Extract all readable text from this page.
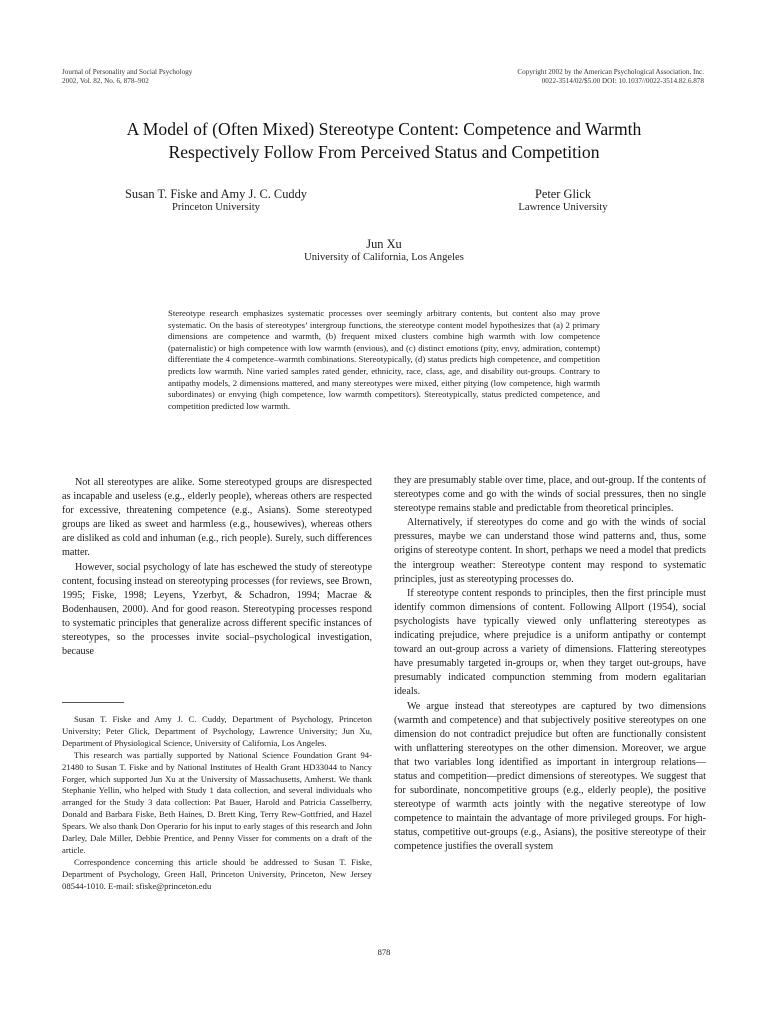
Journal of Personality and Social Psychology
2002, Vol. 82, No. 6, 878–902
Copyright 2002 by the American Psychological Association, Inc.
0022-3514/02/$5.00 DOI: 10.1037//0022-3514.82.6.878
A Model of (Often Mixed) Stereotype Content: Competence and Warmth
Respectively Follow From Perceived Status and Competition
Susan T. Fiske and Amy J. C. Cuddy
Princeton University
Peter Glick
Lawrence University
Jun Xu
University of California, Los Angeles
Stereotype research emphasizes systematic processes over seemingly arbitrary contents, but content also may prove systematic. On the basis of stereotypes’ intergroup functions, the stereotype content model hypothesizes that (a) 2 primary dimensions are competence and warmth, (b) frequent mixed clusters combine high warmth with low competence (paternalistic) or high competence with low warmth (envious), and (c) distinct emotions (pity, envy, admiration, contempt) differentiate the 4 competence–warmth combinations. Stereotypically, (d) status predicts high competence, and competition predicts low warmth. Nine varied samples rated gender, ethnicity, race, class, age, and disability out-groups. Contrary to antipathy models, 2 dimensions mattered, and many stereotypes were mixed, either pitying (low competence, high warmth subordinates) or envying (high competence, low warmth competitors). Stereotypically, status predicted competence, and competition predicted low warmth.

Not all stereotypes are alike. Some stereotyped groups are disrespected as incapable and useless (e.g., elderly people), whereas others are respected for excessive, threatening competence (e.g., Asians). Some stereotyped groups are liked as sweet and harmless (e.g., housewives), whereas others are disliked as cold and inhuman (e.g., rich people). Surely, such differences matter.

However, social psychology of late has eschewed the study of stereotype content, focusing instead on stereotyping processes (for reviews, see Brown, 1995; Fiske, 1998; Leyens, Yzerbyt, & Schadron, 1994; Macrae & Bodenhausen, 2000). And for good reason. Stereotyping processes respond to systematic principles that generalize across different specific instances of stereotypes, so the processes invite social–psychological investigation, because

Susan T. Fiske and Amy J. C. Cuddy, Department of Psychology, Princeton University; Peter Glick, Department of Psychology, Lawrence University; Jun Xu, Department of Physiological Science, University of California, Los Angeles.

This research was partially supported by National Science Foundation Grant 94-21480 to Susan T. Fiske and by National Institutes of Health Grant HD33044 to Nancy Forger, which supported Jun Xu at the University of Massachusetts, Amherst. We thank Stephanie Yellin, who helped with Study 1 data collection, and several individuals who arranged for the Study 3 data collection: Pat Bauer, Harold and Patricia Casselberry, Donald and Barbara Fiske, Beth Haines, D. Brett King, Terry Rew-Gottfried, and Hazel Spears. We also thank Don Operario for his input to early stages of this research and John Darley, Dale Miller, Debbie Prentice, and Penny Visser for comments on a draft of the article.

Correspondence concerning this article should be addressed to Susan T. Fiske, Department of Psychology, Green Hall, Princeton University, Princeton, New Jersey 08544-1010. E-mail: sfiske@princeton.edu

they are presumably stable over time, place, and out-group. If the contents of stereotypes come and go with the winds of social pressures, then no single stereotype remains stable and predictable from theoretical principles.

Alternatively, if stereotypes do come and go with the winds of social pressures, maybe we can understand those wind patterns and, thus, some origins of stereotype content. In short, perhaps we need a model that predicts the intergroup weather: Stereotype content may respond to systematic principles, just as stereotyping processes do.

If stereotype content responds to principles, then the first principle must identify common dimensions of content. Following Allport (1954), social psychologists have typically viewed only unflattering stereotypes as indicating prejudice, where prejudice is a uniform antipathy or contempt toward an out-group across a variety of dimensions. Flattering stereotypes have presumably targeted in-groups or, when they target out-groups, have presumably indicated compunction stemming from modern egalitarian ideals.

We argue instead that stereotypes are captured by two dimensions (warmth and competence) and that subjectively positive stereotypes on one dimension do not contradict prejudice but often are functionally consistent with unflattering stereotypes on the other dimension. Moreover, we argue that two variables long identified as important in intergroup relations—status and competition—predict dimensions of stereotypes. We suggest that for subordinate, noncompetitive groups (e.g., elderly people), the positive stereotype of warmth acts jointly with the negative stereotype of low competence to maintain the advantage of more privileged groups. For high-status, competitive out-groups (e.g., Asians), the positive stereotype of their competence justifies the overall system

878
